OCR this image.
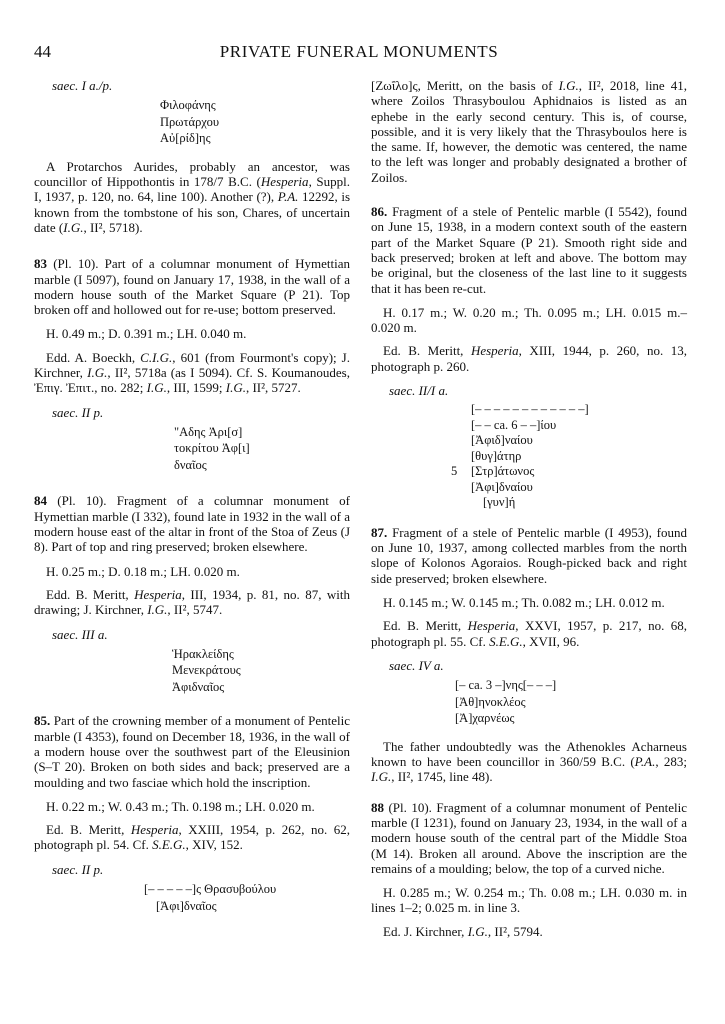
44	PRIVATE FUNERAL MONUMENTS
saec. I a./p.
Φιλοφάνης
Πρωτάρχου
Αὐ[ρίδ]ης

A Protarchos Aurides, probably an ancestor, was councillor of Hippothontis in 178/7 B.C. (Hesperia, Suppl. I, 1937, p. 120, no. 64, line 100). Another (?), P.A. 12292, is known from the tombstone of his son, Chares, of uncertain date (I.G., II², 5718).

83 (Pl. 10). Part of a columnar monument of Hymettian marble (I 5097), found on January 17, 1938, in the wall of a modern house south of the Market Square (P 21). Top broken off and hollowed out for re-use; bottom preserved.

H. 0.49 m.; D. 0.391 m.; LH. 0.040 m.

Edd. A. Boeckh, C.I.G., 601 (from Fourmont's copy); J. Kirchner, I.G., II², 5718a (as I 5094). Cf. S. Koumanoudes, Ἐπιγ. Ἐπιτ., no. 282; I.G., III, 1599; I.G., II², 5727.

saec. II p.
"Αδης Ἀρι[σ]
τοκρίτου Ἀφ[ι]
δναῖος

84 (Pl. 10). Fragment of a columnar monument of Hymettian marble (I 332), found late in 1932 in the wall of a modern house east of the altar in front of the Stoa of Zeus (J 8). Part of top and ring preserved; broken elsewhere.

H. 0.25 m.; D. 0.18 m.; LH. 0.020 m.

Edd. B. Meritt, Hesperia, III, 1934, p. 81, no. 87, with drawing; J. Kirchner, I.G., II², 5747.

saec. III a.
Ἡρακλείδης
Μενεκράτους
Ἀφιδναῖος

85. Part of the crowning member of a monument of Pentelic marble (I 4353), found on December 18, 1936, in the wall of a modern house over the southwest part of the Eleusinion (S–T 20). Broken on both sides and back; preserved are a moulding and two fasciae which hold the inscription.

H. 0.22 m.; W. 0.43 m.; Th. 0.198 m.; LH. 0.020 m.

Ed. B. Meritt, Hesperia, XXIII, 1954, p. 262, no. 62, photograph pl. 54. Cf. S.E.G., XIV, 152.

saec. II p.
[– – – – –]ς Θρασυβούλου
[Ἀφι]δναῖος

[Ζωΐλο]ς, Meritt, on the basis of I.G., II², 2018, line 41, where Zoilos Thrasyboulou Aphidnaios is listed as an ephebe in the early second century. This is, of course, possible, and it is very likely that the Thrasyboulos here is the same. If, however, the demotic was centered, the name to the left was longer and probably designated a brother of Zoilos.

86. Fragment of a stele of Pentelic marble (I 5542), found on June 15, 1938, in a modern context south of the eastern part of the Market Square (P 21). Smooth right side and back preserved; broken at left and above. The bottom may be original, but the closeness of the last line to it suggests that it has been re-cut.

H. 0.17 m.; W. 0.20 m.; Th. 0.095 m.; LH. 0.015 m.–0.020 m.

Ed. B. Meritt, Hesperia, XIII, 1944, p. 260, no. 13, photograph p. 260.

saec. II/I a.
[– – – – – – – – – – – –]
[– – ca. 6 – –]ίου
[Ἀφιδ]ναίου
[θυγ]άτηρ
5 [Στρ]άτωνος
[Ἀφι]δναίου
[γυν]ή

87. Fragment of a stele of Pentelic marble (I 4953), found on June 10, 1937, among collected marbles from the north slope of Kolonos Agoraios. Rough-picked back and right side preserved; broken elsewhere.

H. 0.145 m.; W. 0.145 m.; Th. 0.082 m.; LH. 0.012 m.

Ed. B. Meritt, Hesperia, XXVI, 1957, p. 217, no. 68, photograph pl. 55. Cf. S.E.G., XVII, 96.

saec. IV a.
[– ca. 3 –]νης[– – –]
[Ἀθ]ηνοκλέος
[Ἀ]χαρνέως

The father undoubtedly was the Athenokles Acharneus known to have been councillor in 360/59 B.C. (P.A., 283; I.G., II², 1745, line 48).

88 (Pl. 10). Fragment of a columnar monument of Pentelic marble (I 1231), found on January 23, 1934, in the wall of a modern house south of the central part of the Middle Stoa (M 14). Broken all around. Above the inscription are the remains of a moulding; below, the top of a curved niche.

H. 0.285 m.; W. 0.254 m.; Th. 0.08 m.; LH. 0.030 m. in lines 1–2; 0.025 m. in line 3.

Ed. J. Kirchner, I.G., II², 5794.
